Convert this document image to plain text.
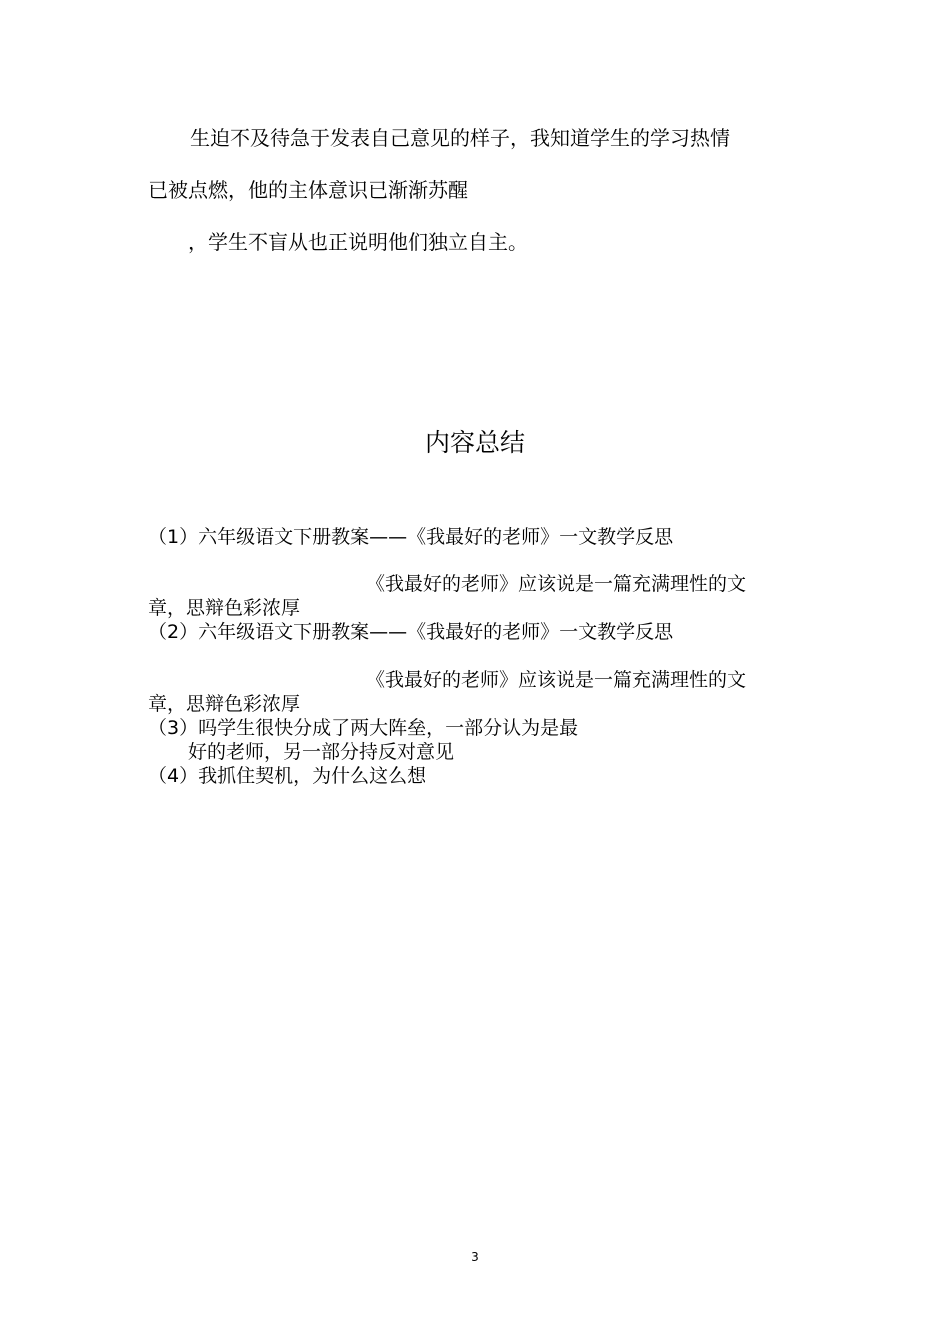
生迫不及待急于发表自己意见的样子，我知道学生的学习热情
已被点燃，他的主体意识已渐渐苏醒
，学生不盲从也正说明他们独立自主。
内容总结
（1）六年级语文下册教案——《我最好的老师》一文教学反思
《我最好的老师》应该说是一篇充满理性的文
章，思辩色彩浓厚
（2）六年级语文下册教案——《我最好的老师》一文教学反思
《我最好的老师》应该说是一篇充满理性的文
章，思辩色彩浓厚
（3）吗学生很快分成了两大阵垒，一部分认为是最
好的老师，另一部分持反对意见
（4）我抓住契机，为什么这么想
3
